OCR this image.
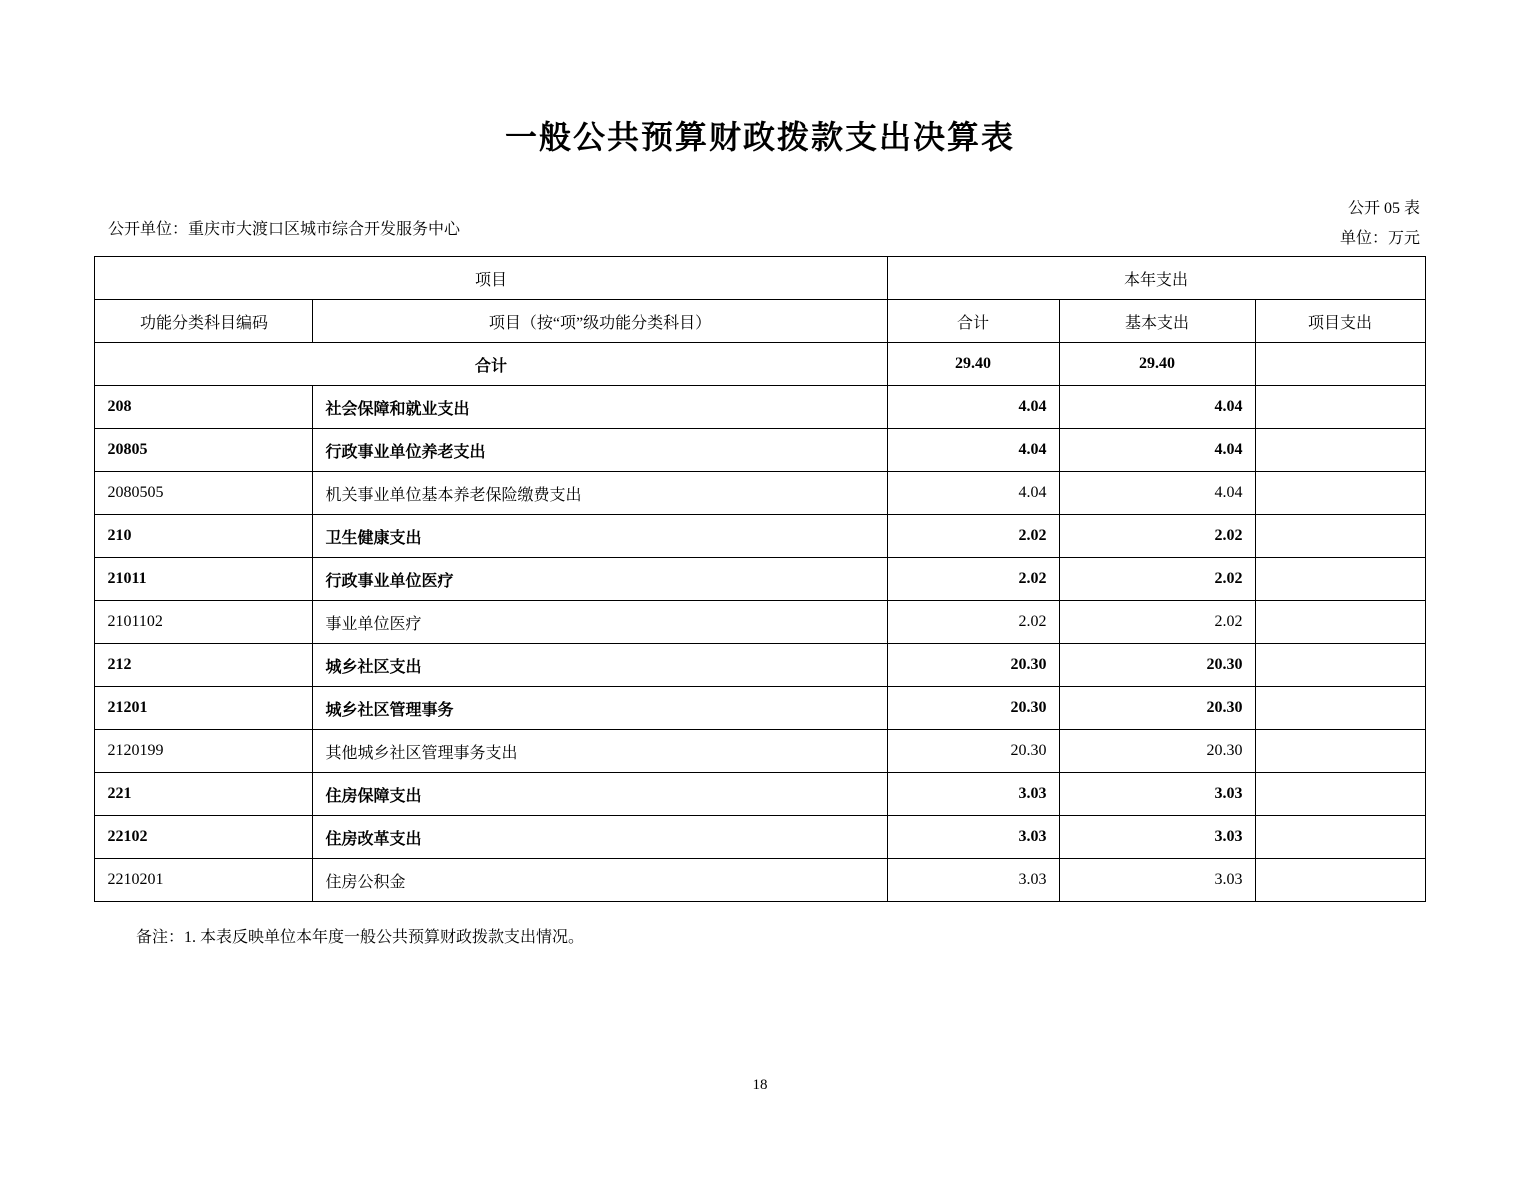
一般公共预算财政拨款支出决算表
公开单位：重庆市大渡口区城市综合开发服务中心
公开 05 表
单位：万元
项目		本年支出		
功能分类科目编码	项目（按“项”级功能分类科目）	合计	基本支出	项目支出
合计		29.40	29.40	
208	社会保障和就业支出	4.04	4.04	
20805	行政事业单位养老支出	4.04	4.04	
2080505	机关事业单位基本养老保险缴费支出	4.04	4.04	
210	卫生健康支出	2.02	2.02	
21011	行政事业单位医疗	2.02	2.02	
2101102	事业单位医疗	2.02	2.02	
212	城乡社区支出	20.30	20.30	
21201	城乡社区管理事务	20.30	20.30	
2120199	其他城乡社区管理事务支出	20.30	20.30	
221	住房保障支出	3.03	3.03	
22102	住房改革支出	3.03	3.03	
2210201	住房公积金	3.03	3.03	
备注：1. 本表反映单位本年度一般公共预算财政拨款支出情况。
18
